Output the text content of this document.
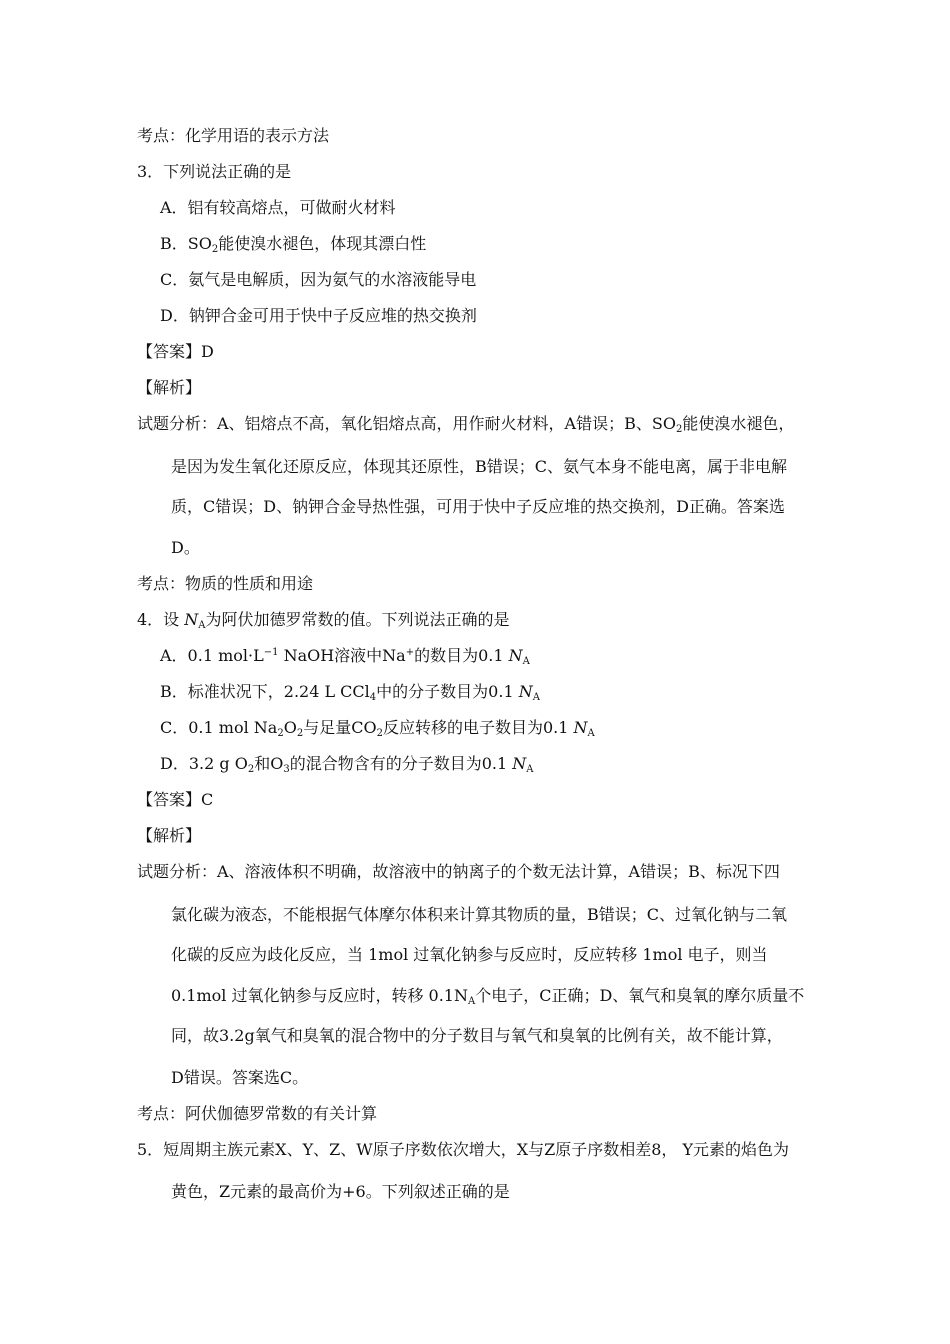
考点：化学用语的表示方法
3．下列说法正确的是
A．铝有较高熔点，可做耐火材料
B．$SO_2$能使溴水褪色，体现其漂白性
C．氨气是电解质，因为氨气的水溶液能导电
D．钠钾合金可用于快中子反应堆的热交换剂
【答案】D
【解析】
试题分析：A、铝熔点不高，氧化铝熔点高，用作耐火材料，A错误；B、$SO_2$能使溴水褪色，
是因为发生氧化还原反应，体现其还原性，B错误；C、氨气本身不能电离，属于非电解
质，C错误；D、钠钾合金导热性强，可用于快中子反应堆的热交换剂，D正确。答案选
D。
考点：物质的性质和用途
4．设 $N_A$为阿伏加德罗常数的值。下列说法正确的是
A．0.1 $mol\cdot L^{-1}$ NaOH溶液中Na+的数目为0.1 $N_A$
B．标准状况下，2.24 L CCl$_4$中的分子数目为0.1 $N_A$
C．0.1 mol $Na_2O_2$与足量$CO_2$反应转移的电子数目为0.1 $N_A$
D．3.2 g $O_2$和$O_3$的混合物含有的分子数目为0.1 $N_A$
【答案】C
【解析】
试题分析：A、溶液体积不明确，故溶液中的钠离子的个数无法计算，A错误；B、标况下四
氯化碳为液态，不能根据气体摩尔体积来计算其物质的量，B错误；C、过氧化钠与二氧
化碳的反应为歧化反应，当 1mol 过氧化钠参与反应时，反应转移 1mol 电子，则当
0.1mol 过氧化钠参与反应时，转移 $0.1N_A$个电子，C正确；D、氧气和臭氧的摩尔质量不
同，故3.2g氧气和臭氧的混合物中的分子数目与氧气和臭氧的比例有关，故不能计算，
D错误。答案选C。
考点：阿伏伽德罗常数的有关计算
5．短周期主族元素X、Y、Z、W原子序数依次增大，X与Z原子序数相差8， Y元素的焰色为
黄色，Z元素的最高价为+6。下列叙述正确的是
